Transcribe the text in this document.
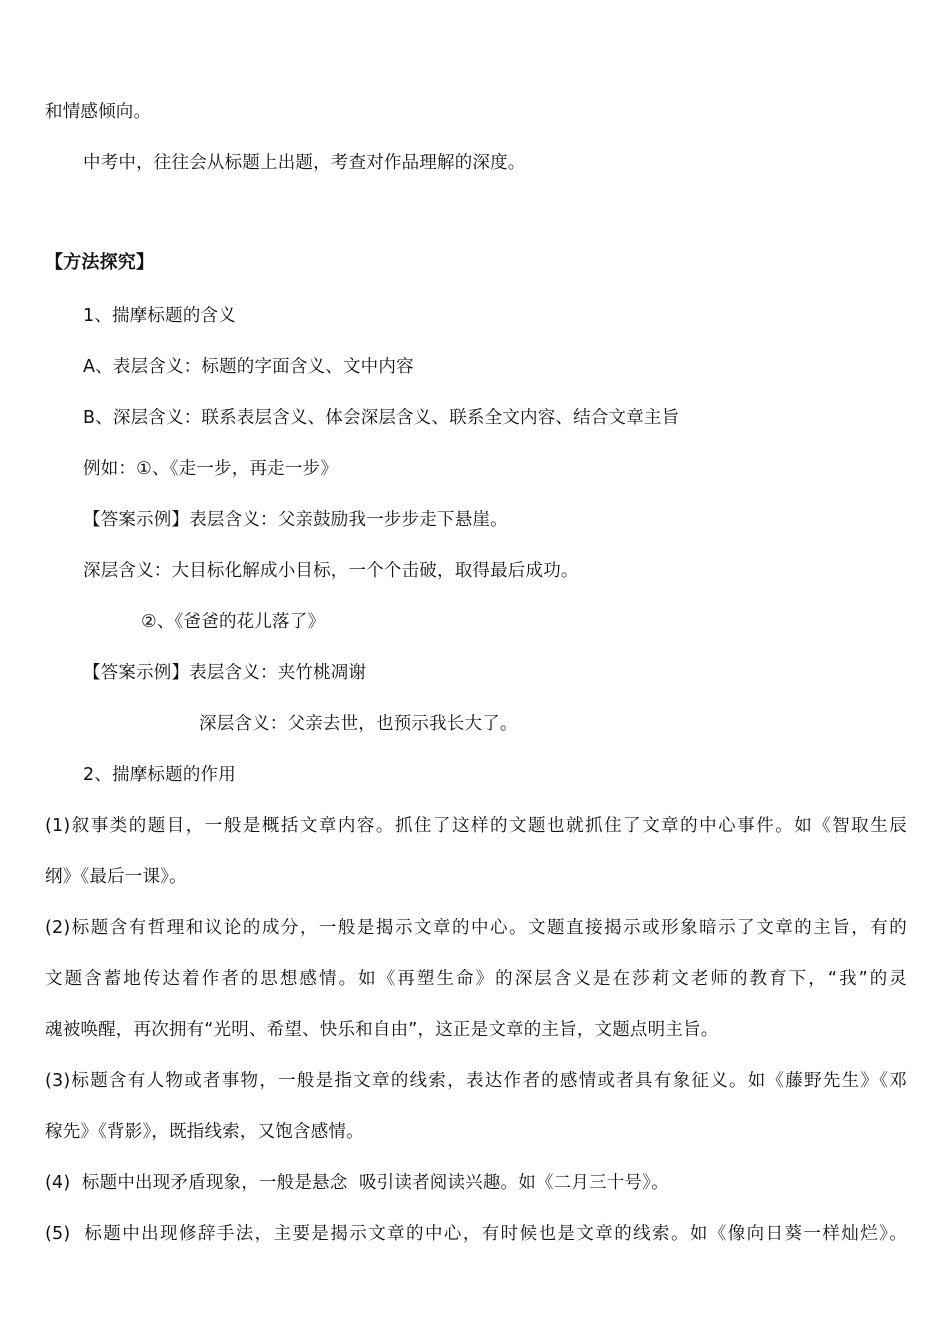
和情感倾向。
中考中，往往会从标题上出题，考查对作品理解的深度。
【方法探究】
1、揣摩标题的含义
A、表层含义：标题的字面含义、文中内容
B、深层含义：联系表层含义、体会深层含义、联系全文内容、结合文章主旨
例如：①、《走一步，再走一步》
【答案示例】表层含义：父亲鼓励我一步步走下悬崖。
深层含义：大目标化解成小目标，一个个击破，取得最后成功。
②、《爸爸的花儿落了》
【答案示例】表层含义：夹竹桃凋谢
深层含义：父亲去世，也预示我长大了。
2、揣摩标题的作用
(1)叙事类的题目，一般是概括文章内容。抓住了这样的文题也就抓住了文章的中心事件。如《智取生辰
纲》《最后一课》。
(2)标题含有哲理和议论的成分，一般是揭示文章的中心。文题直接揭示或形象暗示了文章的主旨，有的
文题含蓄地传达着作者的思想感情。如《再塑生命》的深层含义是在莎莉文老师的教育下，“我”的灵
魂被唤醒，再次拥有“光明、希望、快乐和自由”，这正是文章的主旨，文题点明主旨。
(3)标题含有人物或者事物，一般是指文章的线索，表达作者的感情或者具有象征义。如《藤野先生》《邓
稼先》《背影》，既指线索，又饱含感情。
(4)  标题中出现矛盾现象，一般是悬念  吸引读者阅读兴趣。如《二月三十号》。
(5)  标题中出现修辞手法，主要是揭示文章的中心，有时候也是文章的线索。如《像向日葵一样灿烂》。
